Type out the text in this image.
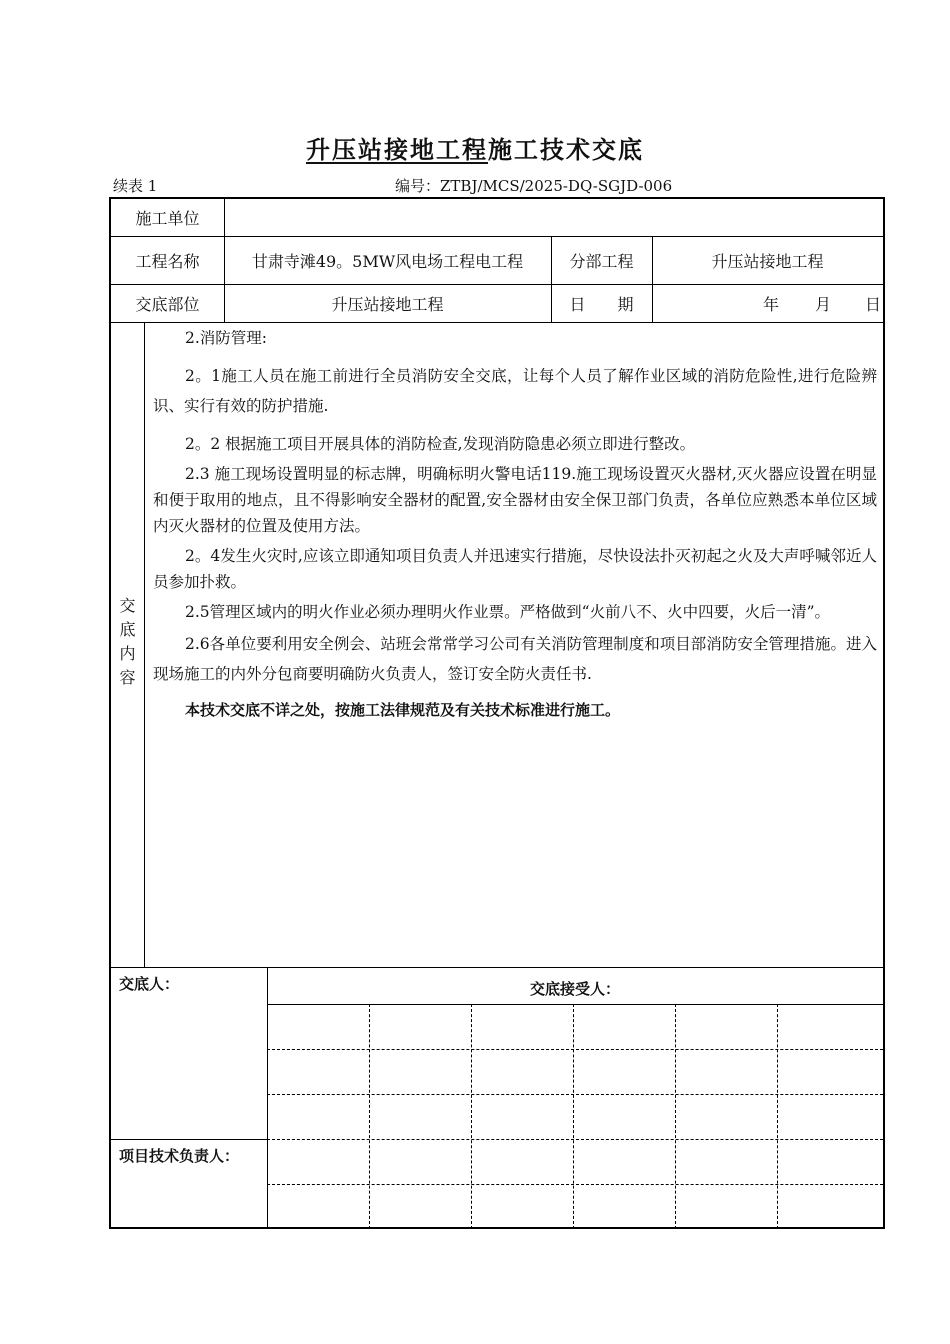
升压站接地工程施工技术交底
续表 1	编号：ZTBJ/MCS/2025-DQ-SGJD-006
施工单位
工程名称	甘肃寺滩49。5MW风电场工程电工程	分部工程	升压站接地工程
交底部位	升压站接地工程	日　　期	年 月 日
交
底
内
容

2.消防管理:

2。1施工人员在施工前进行全员消防安全交底，让每个人员了解作业区域的消防危险性,进行危险辨识、实行有效的防护措施.

2。2 根据施工项目开展具体的消防检查,发现消防隐患必须立即进行整改。

2.3 施工现场设置明显的标志牌，明确标明火警电话119.施工现场设置灭火器材,灭火器应设置在明显和便于取用的地点，且不得影响安全器材的配置,安全器材由安全保卫部门负责，各单位应熟悉本单位区域内灭火器材的位置及使用方法。

2。4发生火灾时,应该立即通知项目负责人并迅速实行措施，尽快设法扑灭初起之火及大声呼喊邻近人员参加扑救。

2.5管理区域内的明火作业必须办理明火作业票。严格做到“火前八不、火中四要，火后一清”。

2.6各单位要利用安全例会、站班会常常学习公司有关消防管理制度和项目部消防安全管理措施。进入现场施工的内外分包商要明确防火负责人，签订安全防火责任书.

本技术交底不详之处，按施工法律规范及有关技术标准进行施工。

交底人：	交底接受人：
项目技术负责人：
